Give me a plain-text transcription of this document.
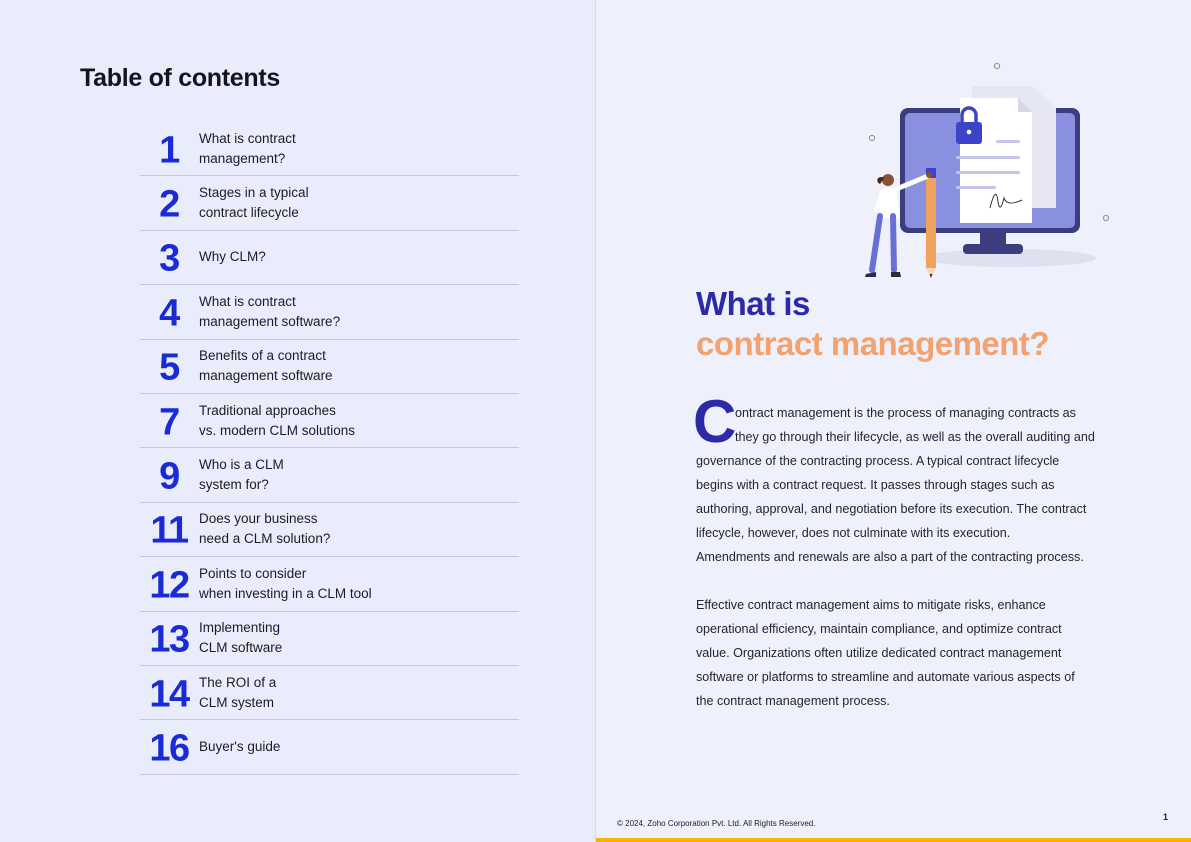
Table of contents
1	What is contract
management?
2	Stages in a typical
contract lifecycle
3	Why CLM?
4	What is contract
management software?
5	Benefits of a contract
management software
7	Traditional approaches
vs. modern CLM solutions
9	Who is a CLM
system for?
11 Does your business
need a CLM solution?
12 Points to consider
when investing in a CLM tool
13 Implementing
CLM software
14 The ROI of a
CLM system
16 Buyer's guide
What is
contract management?
C

ontract management is the process of managing contracts as
they go through their lifecycle, as well as the overall auditing and

governance of the contracting process. A typical contract lifecycle
begins with a contract request. It passes through stages such as
authoring, approval, and negotiation before its execution. The contract
lifecycle, however, does not culminate with its execution.
Amendments and renewals are also a part of the contracting process.

Effective contract management aims to mitigate risks, enhance
operational efficiency, maintain compliance, and optimize contract
value. Organizations often utilize dedicated contract management
software or platforms to streamline and automate various aspects of
the contract management process.

© 2024, Zoho Corporation Pvt. Ltd. All Rights Reserved.
1
